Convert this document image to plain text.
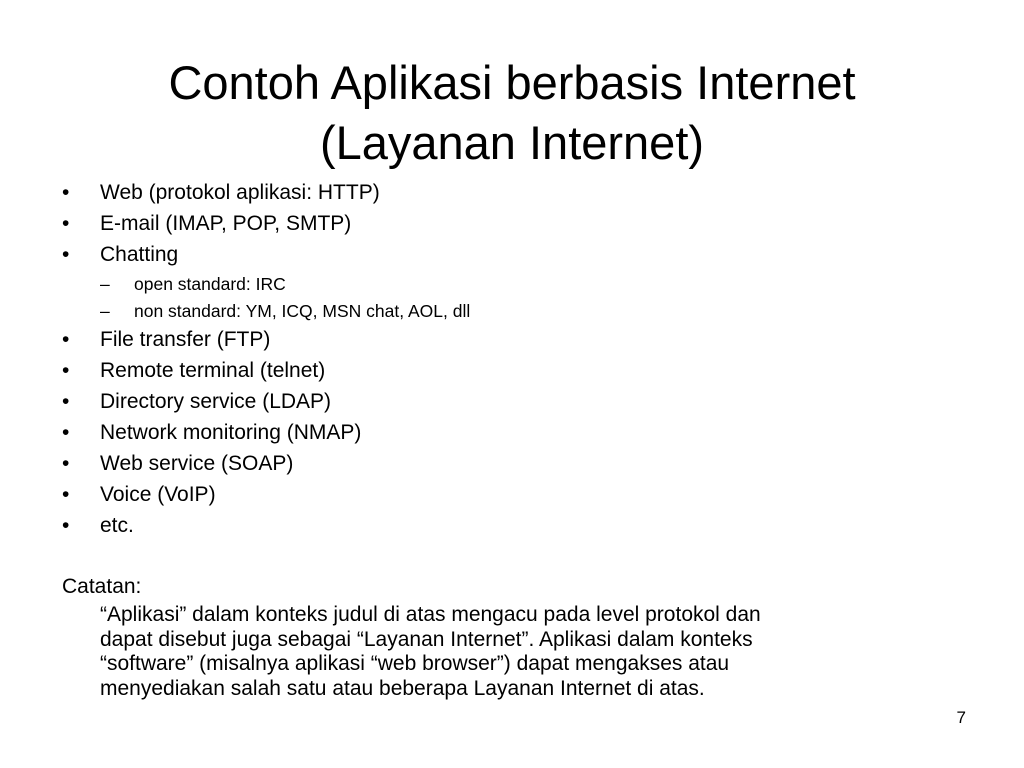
Contoh Aplikasi berbasis Internet
(Layanan Internet)
•	Web (protokol aplikasi: HTTP)
•	E-mail (IMAP, POP, SMTP)
•	Chatting
–	open standard: IRC
–	non standard: YM, ICQ, MSN chat, AOL, dll
•	File transfer (FTP)
•	Remote terminal (telnet)
•	Directory service (LDAP)
•	Network monitoring (NMAP)
•	Web service (SOAP)
•	Voice (VoIP)
•	etc.
Catatan:
“Aplikasi” dalam konteks judul di atas mengacu pada level protokol dan
dapat disebut juga sebagai “Layanan Internet”. Aplikasi dalam konteks
“software” (misalnya aplikasi “web browser”) dapat mengakses atau
menyediakan salah satu atau beberapa Layanan Internet di atas.
7
